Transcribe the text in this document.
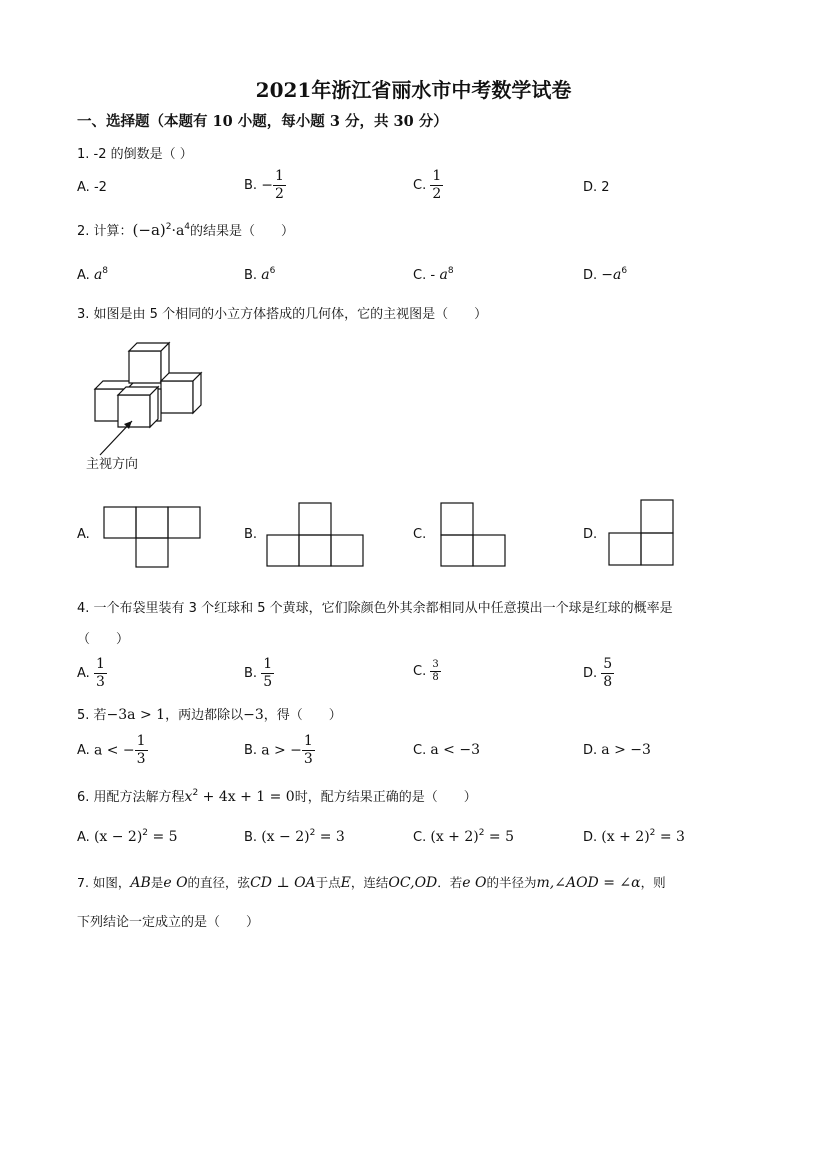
2021年浙江省丽水市中考数学试卷
一、选择题（本题有 10 小题，每小题 3 分，共 30 分）
1. -2 的倒数是（ ）
A. -2	B. − $\frac{1}{2}$	C. $\frac{1}{2}$	D. 2
2. 计算：$(-a)^2\cdot a^4$的结果是（　　）
A. $a^8$	B. $a^6$	C. - $a^8$	D. $-a^6$
3. 如图是由 5 个相同的小立方体搭成的几何体，它的主视图是（　　）
主视方向
A.	B.	C.	D.
4. 一个布袋里装有 3 个红球和 5 个黄球，它们除颜色外其余都相同从中任意摸出一个球是红球的概率是
（　　）
A. $\frac{1}{3}$	B. $\frac{1}{5}$	C. $\frac{3}{8}$	D. $\frac{5}{8}$
5. 若−3a > 1，两边都除以−3，得（　　）
A. a < − $\frac{1}{3}$	B. a > − $\frac{1}{3}$	C. a < −3	D. a > −3
6. 用配方法解方程$x^2 + 4x + 1 = 0$时，配方结果正确的是（　　）
A. $(x - 2)^2 = 5$	B. $(x - 2)^2 = 3$	C. $(x + 2)^2 = 5$	D. $(x + 2)^2 = 3$
7. 如图，AB是e O的直径，弦CD ⊥ OA于点E，连结OC,OD．若e O的半径为m,∠AOD = ∠α，则
下列结论一定成立的是（　　）
